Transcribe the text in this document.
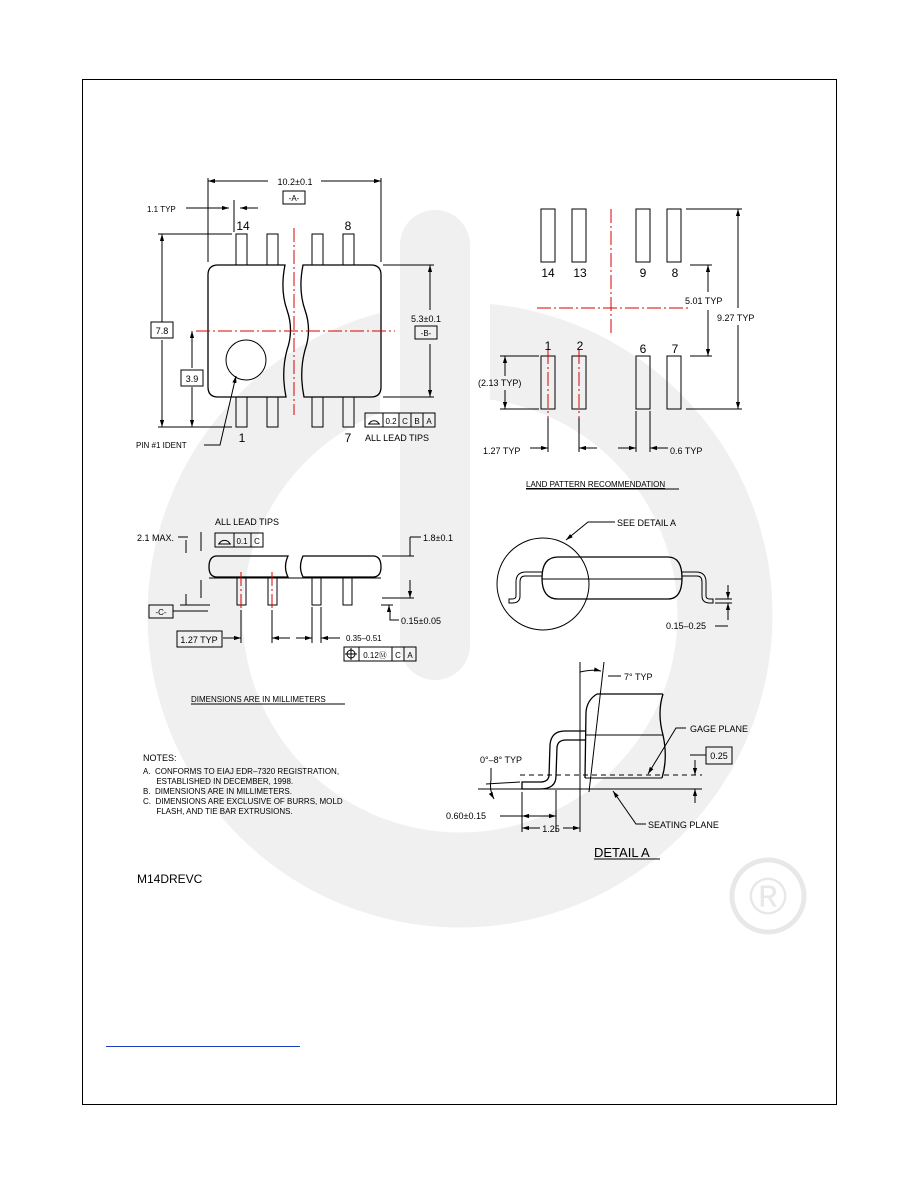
®
10.2±0.1
-A-
1.1 TYP
14	8
1	7
7.8
3.9
5.3±0.1
-B-
PIN #1 IDENT
0.2 C B A
ALL LEAD TIPS
14 13	9 8
1 2	6 7
5.01 TYP
9.27 TYP
(2.13 TYP)
1.27 TYP	0.6 TYP
LAND PATTERN RECOMMENDATION
ALL LEAD TIPS
0.1 C
2.1 MAX.
-C-
1.8±0.1
0.15±0.05
1.27 TYP	0.35–0.51
0.12Ⓜ C A
SEE DETAIL A
0.15–0.25
DIMENSIONS ARE IN MILLIMETERS
7° TYP
GAGE PLANE
0.25
SEATING PLANE
0°–8° TYP
0.60±0.15
1.25
DETAIL A
NOTES:
A.  CONFORMS TO EIAJ EDR–7320 REGISTRATION,
ESTABLISHED IN DECEMBER, 1998.
B.  DIMENSIONS ARE IN MILLIMETERS.
C.  DIMENSIONS ARE EXCLUSIVE OF BURRS, MOLD
FLASH, AND TIE BAR EXTRUSIONS.
M14DREVC
